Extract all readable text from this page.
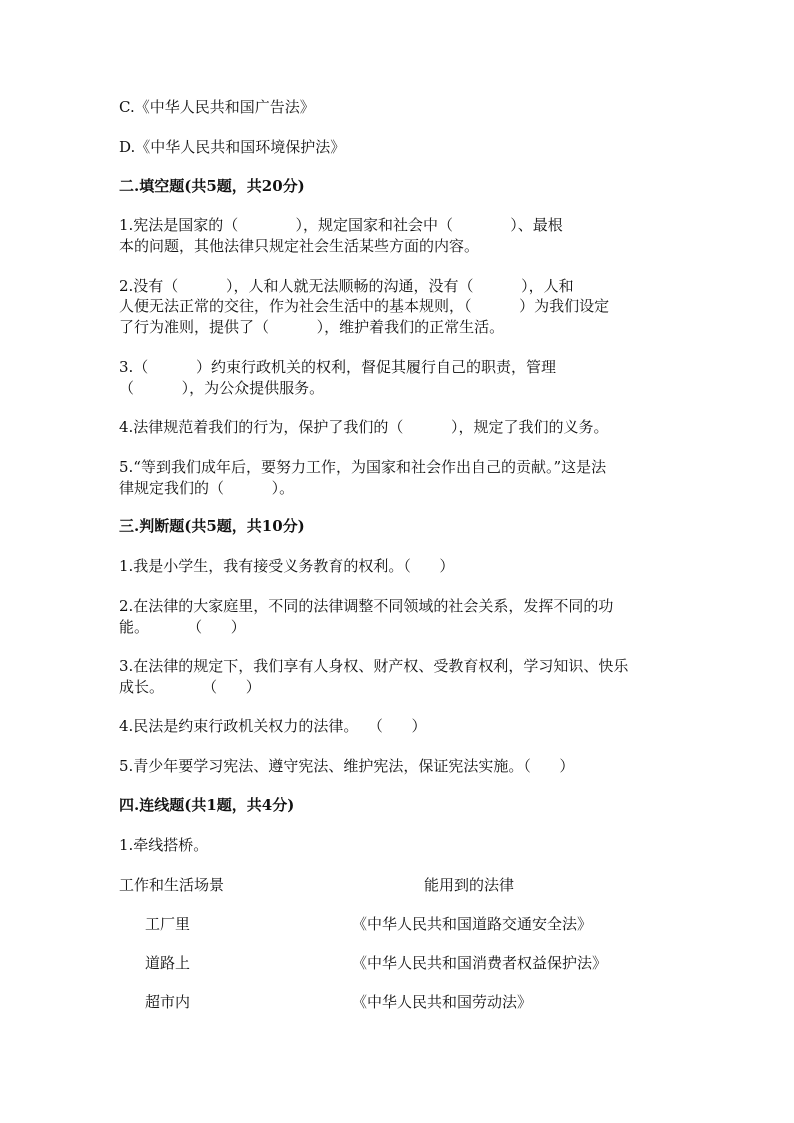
C.《中华人民共和国广告法》
D.《中华人民共和国环境保护法》
二.填空题(共5题，共20分)
1.宪法是国家的（            ），规定国家和社会中（            ）、最根
本的问题，其他法律只规定社会生活某些方面的内容。
2.没有（          ），人和人就无法顺畅的沟通，没有（          ），人和
人便无法正常的交往，作为社会生活中的基本规则，（          ）为我们设定
了行为准则，提供了（          ），维护着我们的正常生活。
3.（          ）约束行政机关的权利，督促其履行自己的职责，管理
（          ），为公众提供服务。
4.法律规范着我们的行为，保护了我们的（          ），规定了我们的义务。
5.“等到我们成年后，要努力工作，为国家和社会作出自己的贡献。”这是法
律规定我们的（          ）。
三.判断题(共5题，共10分)
1.我是小学生，我有接受义务教育的权利。（      ）
2.在法律的大家庭里，不同的法律调整不同领域的社会关系，发挥不同的功
能。        （      ）
3.在法律的规定下，我们享有人身权、财产权、受教育权利，学习知识、快乐
成长。        （      ）
4.民法是约束行政机关权力的法律。  （      ）
5.青少年要学习宪法、遵守宪法、维护宪法，保证宪法实施。（      ）
四.连线题(共1题，共4分)
1.牵线搭桥。
工作和生活场景	能用到的法律
工厂里	《中华人民共和国道路交通安全法》
道路上	《中华人民共和国消费者权益保护法》
超市内	《中华人民共和国劳动法》
